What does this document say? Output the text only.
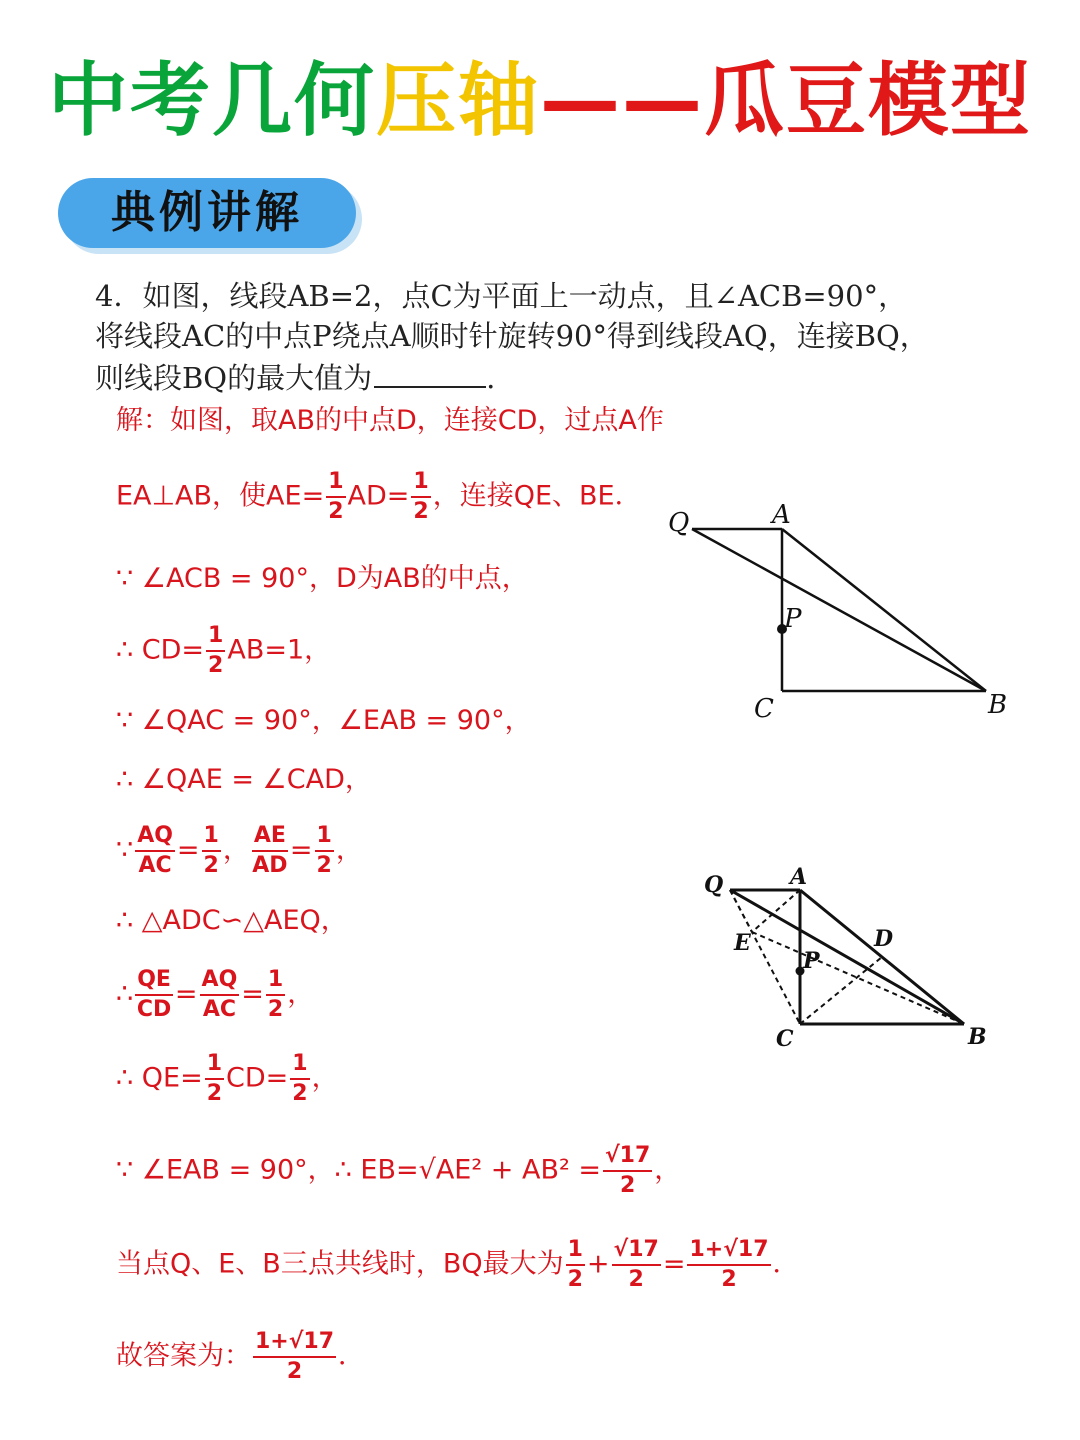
中考几何压轴——瓜豆模型
典例讲解
4．如图，线段AB=2，点C为平面上一动点，且∠ACB=90°，
将线段AC的中点P绕点A顺时针旋转90°得到线段AQ，连接BQ，
则线段BQ的最大值为	.
解：如图，取AB的中点D，连接CD，过点A作
EA⊥AB，使$AE= \frac{1}{2} AD= \frac{1}{2}$ ，连接QE、BE．
∵ ∠ACB = 90°，D为AB的中点，
∴ $CD= \frac{1}{2} AB=1$，
∵ ∠QAC = 90°，∠EAB = 90°，
∴ ∠QAE = ∠CAD，
∵ $\frac{AQ}{AC} = \frac{1}{2}$ ， $\frac{AE}{AD} = \frac{1}{2}$ ，
∴ △ADC∽△AEQ，
∴ $\frac{QE}{CD} = \frac{AQ}{AC} = \frac{1}{2}$ ，
∴ $QE= \frac{1}{2} CD= \frac{1}{2}$ ，
∵ ∠EAB = 90°，∴ $EB=√AE^2 + AB^2 = \frac{√17}{2}$ ，
当点Q、E、B三点共线时，BQ最大为 $\frac{1}{2} + \frac{√17}{2} = \frac{1+√17}{2}$ ．
故答案为： $\frac{1+√17}{2}$ ．
Q	A
P
C	B
Q	A
E	D
P
C	B
